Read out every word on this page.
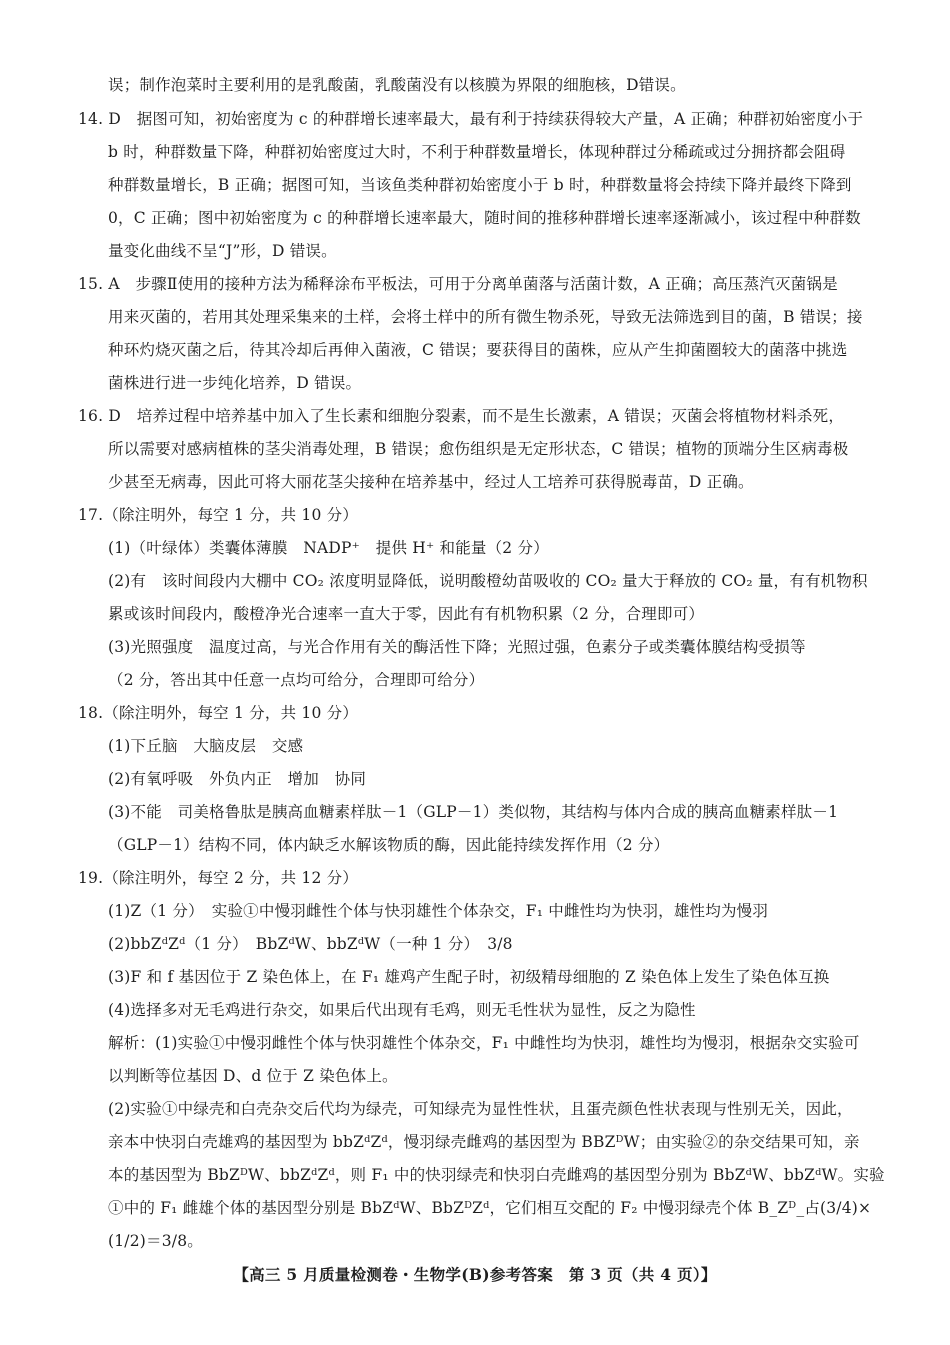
误；制作泡菜时主要利用的是乳酸菌，乳酸菌没有以核膜为界限的细胞核，D错误。
14. D　据图可知，初始密度为 c 的种群增长速率最大，最有利于持续获得较大产量，A 正确；种群初始密度小于
b 时，种群数量下降，种群初始密度过大时，不利于种群数量增长，体现种群过分稀疏或过分拥挤都会阻碍
种群数量增长，B 正确；据图可知，当该鱼类种群初始密度小于 b 时，种群数量将会持续下降并最终下降到
0，C 正确；图中初始密度为 c 的种群增长速率最大，随时间的推移种群增长速率逐渐减小，该过程中种群数
量变化曲线不呈“J”形，D 错误。
15. A　步骤Ⅱ使用的接种方法为稀释涂布平板法，可用于分离单菌落与活菌计数，A 正确；高压蒸汽灭菌锅是
用来灭菌的，若用其处理采集来的土样，会将土样中的所有微生物杀死，导致无法筛选到目的菌，B 错误；接
种环灼烧灭菌之后，待其冷却后再伸入菌液，C 错误；要获得目的菌株，应从产生抑菌圈较大的菌落中挑选
菌株进行进一步纯化培养，D 错误。
16. D　培养过程中培养基中加入了生长素和细胞分裂素，而不是生长激素，A 错误；灭菌会将植物材料杀死，
所以需要对感病植株的茎尖消毒处理，B 错误；愈伤组织是无定形状态，C 错误；植物的顶端分生区病毒极
少甚至无病毒，因此可将大丽花茎尖接种在培养基中，经过人工培养可获得脱毒苗，D 正确。
17.（除注明外，每空 1 分，共 10 分）
(1)（叶绿体）类囊体薄膜　NADP⁺　提供 H⁺ 和能量（2 分）
(2)有　该时间段内大棚中 CO₂ 浓度明显降低，说明酸橙幼苗吸收的 CO₂ 量大于释放的 CO₂ 量，有有机物积
累或该时间段内，酸橙净光合速率一直大于零，因此有有机物积累（2 分，合理即可）
(3)光照强度　温度过高，与光合作用有关的酶活性下降；光照过强，色素分子或类囊体膜结构受损等
（2 分，答出其中任意一点均可给分，合理即可给分）
18.（除注明外，每空 1 分，共 10 分）
(1)下丘脑　大脑皮层　交感
(2)有氧呼吸　外负内正　增加　协同
(3)不能　司美格鲁肽是胰高血糖素样肽－1（GLP－1）类似物，其结构与体内合成的胰高血糖素样肽－1
（GLP－1）结构不同，体内缺乏水解该物质的酶，因此能持续发挥作用（2 分）
19.（除注明外，每空 2 分，共 12 分）
(1)Z（1 分）　实验①中慢羽雌性个体与快羽雄性个体杂交，F₁ 中雌性均为快羽，雄性均为慢羽
(2)bbZᵈZᵈ（1 分）　BbZᵈW、bbZᵈW（一种 1 分）　3/8
(3)F 和 f 基因位于 Z 染色体上，在 F₁ 雄鸡产生配子时，初级精母细胞的 Z 染色体上发生了染色体互换
(4)选择多对无毛鸡进行杂交，如果后代出现有毛鸡，则无毛性状为显性，反之为隐性
解析：(1)实验①中慢羽雌性个体与快羽雄性个体杂交，F₁ 中雌性均为快羽，雄性均为慢羽，根据杂交实验可
以判断等位基因 D、d 位于 Z 染色体上。
(2)实验①中绿壳和白壳杂交后代均为绿壳，可知绿壳为显性性状，且蛋壳颜色性状表现与性别无关，因此，
亲本中快羽白壳雄鸡的基因型为 bbZᵈZᵈ，慢羽绿壳雌鸡的基因型为 BBZᴰW；由实验②的杂交结果可知，亲
本的基因型为 BbZᴰW、bbZᵈZᵈ，则 F₁ 中的快羽绿壳和快羽白壳雌鸡的基因型分别为 BbZᵈW、bbZᵈW。实验
①中的 F₁ 雌雄个体的基因型分别是 BbZᵈW、BbZᴰZᵈ，它们相互交配的 F₂ 中慢羽绿壳个体 B_Zᴰ_占(3/4)×
(1/2)＝3/8。
【高三 5 月质量检测卷・生物学(B)参考答案　第 3 页（共 4 页）】
